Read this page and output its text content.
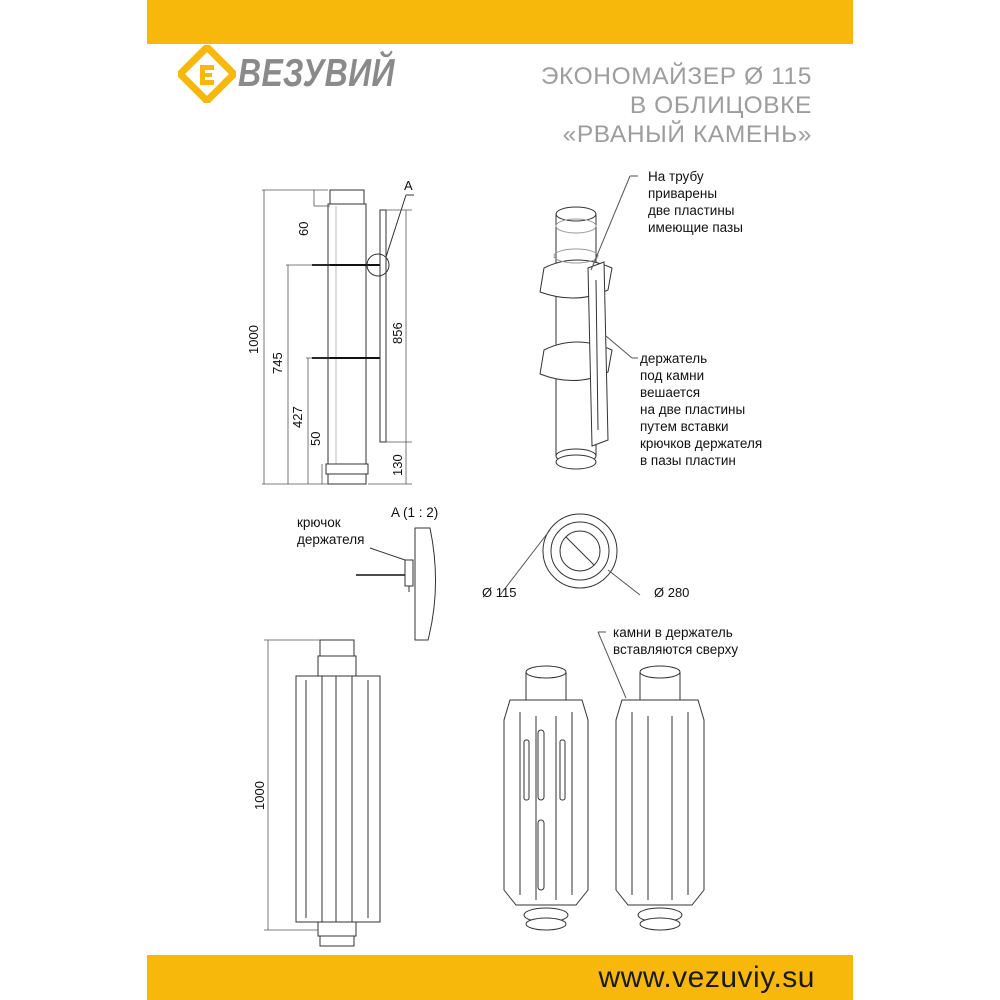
ВЕЗУВИЙ	ЭКОНОМАЙЗЕР Ø 115
В ОБЛИЦОВКЕ
«РВАНЫЙ КАМЕНЬ»
60
1000
745
427
50
856
130
A
1000
Ø 115	Ø 280
A (1 : 2)
крючок
держателя
На трубу
приварены
две пластины
имеющие пазы
держатель
под камни
вешается
на две пластины
путем вставки
крючков держателя
в пазы пластин
камни в держатель
вставляются сверху
www.vezuviy.su
